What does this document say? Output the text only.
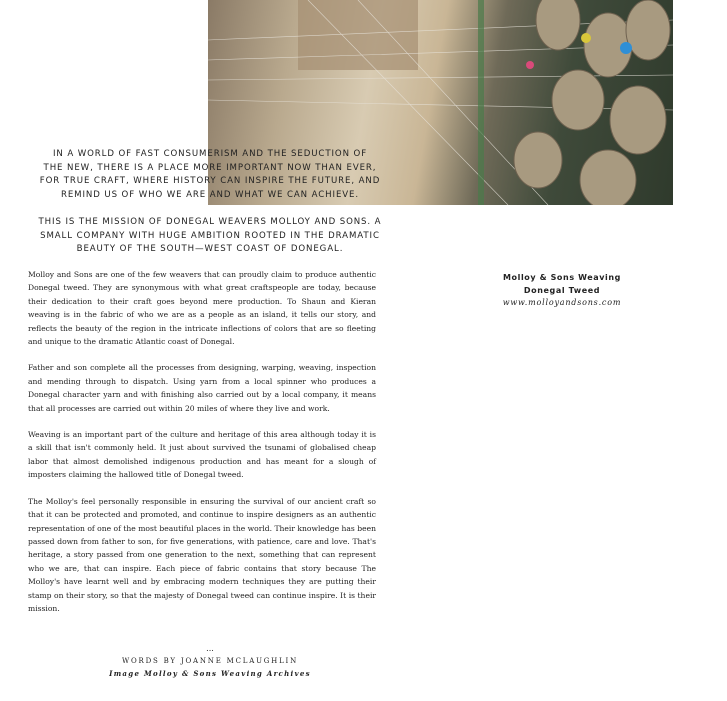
IN A WORLD OF FAST CONSUMERISM AND THE SEDUCTION OF
THE NEW, THERE IS A PLACE MORE IMPORTANT NOW THAN EVER,
FOR TRUE CRAFT, WHERE HISTORY CAN INSPIRE THE FUTURE, AND
REMIND US OF WHO WE ARE AND WHAT WE CAN ACHIEVE.
THIS IS THE MISSION OF DONEGAL WEAVERS MOLLOY AND SONS. A
SMALL COMPANY WITH HUGE AMBITION ROOTED IN THE DRAMATIC
BEAUTY OF THE SOUTH—WEST COAST OF DONEGAL.

Molloy and Sons are one of the few weavers that can proudly claim to produce authentic Donegal tweed. They are synonymous with what great craftspeople are today, because their dedication to their craft goes beyond mere production. To Shaun and Kieran weaving is in the fabric of who we are as a people as an island, it tells our story, and reflects the beauty of the region in the intricate inflections of colors that are so fleeting and unique to the dramatic Atlantic coast of Donegal.

Father and son complete all the processes from designing, warping, weaving, inspection and mending through to dispatch. Using yarn from a local spinner who produces a Donegal character yarn and with finishing also carried out by a local company, it means that all processes are carried out within 20 miles of where they live and work.

Weaving is an important part of the culture and heritage of this area although today it is a skill that isn't commonly held. It just about survived the tsunami of globalised cheap labor that almost demolished indigenous production and has meant for a slough of imposters claiming the hallowed title of Donegal tweed.

The Molloy's feel personally responsible in ensuring the survival of our ancient craft so that it can be protected and promoted, and continue to inspire designers as an authentic representation of one of the most beautiful places in the world. Their knowledge has been passed down from father to son, for five generations, with patience, care and love. That's heritage, a story passed from one generation to the next, something that can represent who we are, that can inspire. Each piece of fabric contains that story because The Molloy's have learnt well and by embracing modern techniques they are putting their stamp on their story, so that the majesty of Donegal tweed can continue inspire. It is their mission.

Molloy & Sons Weaving
Donegal Tweed
www.molloyandsons.com
...
WORDS BY JOANNE MCLAUGHLIN
Image Molloy & Sons Weaving Archives
